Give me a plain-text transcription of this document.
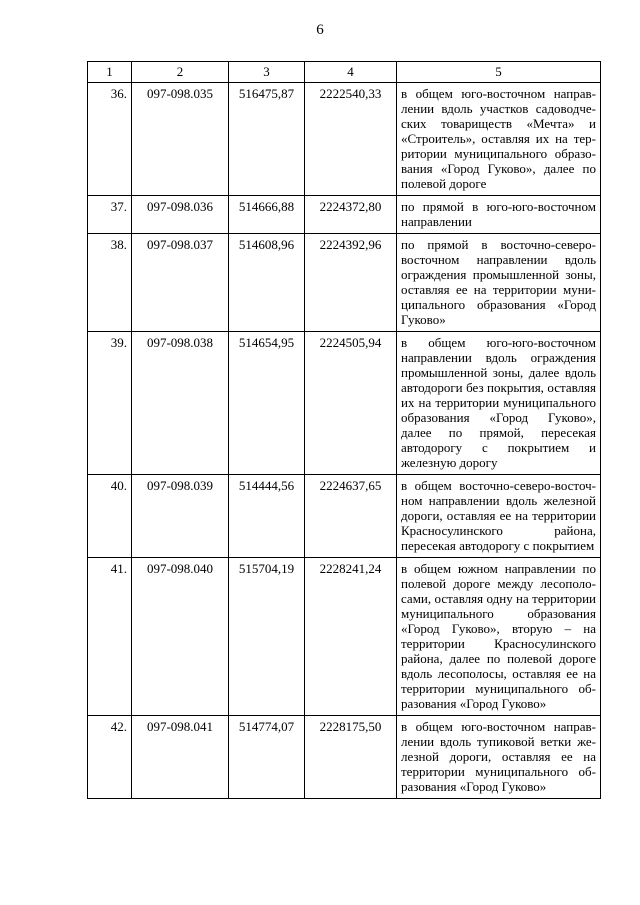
6
1	2	3	4	5
36.	097-098.035	516475,87	2222540,33	в общем юго-восточном направлении вдоль участков садоводческих товариществ «Мечта» и «Строитель», оставляя их на территории муниципального образования «Город Гуково», далее по полевой дороге
37.	097-098.036	514666,88	2224372,80	по прямой в юго-юго-восточном направлении
38.	097-098.037	514608,96	2224392,96	по прямой в восточно-северовосточном направлении вдоль ограждения промышленной зоны, оставляя ее на территории муниципального образования «Город Гуково»
39.	097-098.038	514654,95	2224505,94	в общем юго-юго-восточном направлении вдоль ограждения промышленной зоны, далее вдоль автодороги без покрытия, оставляя их на территории муниципального образования «Город Гуково», далее по прямой, пересекая автодорогу с покрытием и железную дорогу
40.	097-098.039	514444,56	2224637,65	в общем восточно-северо-восточном направлении вдоль железной дороги, оставляя ее на территории Красносулинского района, пересекая автодорогу с покрытием
41.	097-098.040	515704,19	2228241,24	в общем южном направлении по полевой дороге между лесополосами, оставляя одну на территории муниципального образования «Город Гуково», вторую – на территории Красносулинского района, далее по полевой дороге вдоль лесополосы, оставляя ее на территории муниципального образования «Город Гуково»
42.	097-098.041	514774,07	2228175,50	в общем юго-восточном направлении вдоль тупиковой ветки железной дороги, оставляя ее на территории муниципального образования «Город Гуково»
